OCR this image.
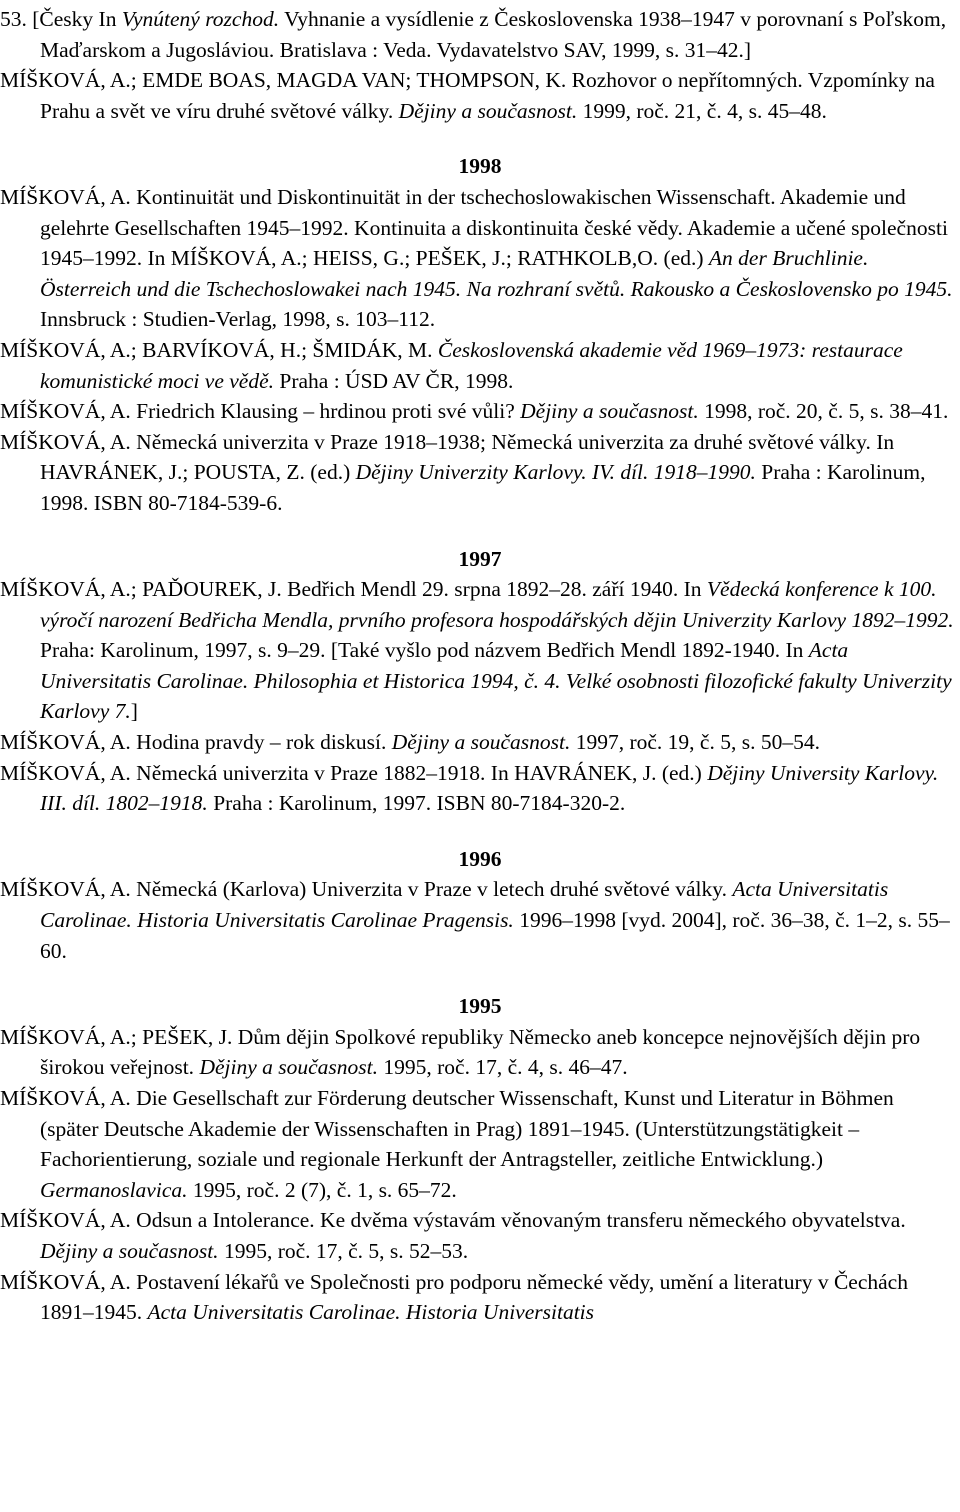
53. [Česky In Vynútený rozchod. Vyhnanie a vysídlenie z Československa 1938–1947 v porovnaní s Poľskom, Maďarskom a Jugosláviou. Bratislava : Veda. Vydavatelstvo SAV, 1999, s. 31–42.]

MÍŠKOVÁ, A.; EMDE BOAS, MAGDA VAN; THOMPSON, K. Rozhovor o nepřítomných. Vzpomínky na Prahu a svět ve víru druhé světové války. Dějiny a současnost. 1999, roč. 21, č. 4, s. 45–48.

1998

MÍŠKOVÁ, A. Kontinuität und Diskontinuität in der tschechoslowakischen Wissenschaft. Akademie und gelehrte Gesellschaften 1945–1992. Kontinuita a diskontinuita české vědy. Akademie a učené společnosti 1945–1992. In MÍŠKOVÁ, A.; HEISS, G.; PEŠEK, J.; RATHKOLB,O. (ed.) An der Bruchlinie. Österreich und die Tschechoslowakei nach 1945. Na rozhraní světů. Rakousko a Československo po 1945. Innsbruck : Studien-Verlag, 1998, s. 103–112.

MÍŠKOVÁ, A.; BARVÍKOVÁ, H.; ŠMIDÁK, M. Československá akademie věd 1969–1973: restaurace komunistické moci ve vědě. Praha : ÚSD AV ČR, 1998.

MÍŠKOVÁ, A. Friedrich Klausing – hrdinou proti své vůli? Dějiny a současnost. 1998, roč. 20, č. 5, s. 38–41.

MÍŠKOVÁ, A. Německá univerzita v Praze 1918–1938; Německá univerzita za druhé světové války. In HAVRÁNEK, J.; POUSTA, Z. (ed.) Dějiny Univerzity Karlovy. IV. díl. 1918–1990. Praha : Karolinum, 1998. ISBN 80-7184-539-6.

1997

MÍŠKOVÁ, A.; PAĎOUREK, J. Bedřich Mendl 29. srpna 1892–28. září 1940. In Vědecká konference k 100. výročí narození Bedřicha Mendla, prvního profesora hospodářských dějin Univerzity Karlovy 1892–1992. Praha: Karolinum, 1997, s. 9–29. [Také vyšlo pod názvem Bedřich Mendl 1892-1940. In Acta Universitatis Carolinae. Philosophia et Historica 1994, č. 4. Velké osobnosti filozofické fakulty Univerzity Karlovy 7.]

MÍŠKOVÁ, A. Hodina pravdy – rok diskusí. Dějiny a současnost. 1997, roč. 19, č. 5, s. 50–54.

MÍŠKOVÁ, A. Německá univerzita v Praze 1882–1918. In HAVRÁNEK, J. (ed.) Dějiny University Karlovy. III. díl. 1802–1918. Praha : Karolinum, 1997. ISBN 80-7184-320-2.

1996

MÍŠKOVÁ, A. Německá (Karlova) Univerzita v Praze v letech druhé světové války. Acta Universitatis Carolinae. Historia Universitatis Carolinae Pragensis. 1996–1998 [vyd. 2004], roč. 36–38, č. 1–2, s. 55–60.

1995

MÍŠKOVÁ, A.; PEŠEK, J. Dům dějin Spolkové republiky Německo aneb koncepce nejnovějších dějin pro širokou veřejnost. Dějiny a současnost. 1995, roč. 17, č. 4, s. 46–47.

MÍŠKOVÁ, A. Die Gesellschaft zur Förderung deutscher Wissenschaft, Kunst und Literatur in Böhmen (später Deutsche Akademie der Wissenschaften in Prag) 1891–1945. (Unterstützungstätigkeit – Fachorientierung, soziale und regionale Herkunft der Antragsteller, zeitliche Entwicklung.) Germanoslavica. 1995, roč. 2 (7), č. 1, s. 65–72.

MÍŠKOVÁ, A. Odsun a Intolerance. Ke dvěma výstavám věnovaným transferu německého obyvatelstva. Dějiny a současnost. 1995, roč. 17, č. 5, s. 52–53.

MÍŠKOVÁ, A. Postavení lékařů ve Společnosti pro podporu německé vědy, umění a literatury v Čechách 1891–1945. Acta Universitatis Carolinae. Historia Universitatis
